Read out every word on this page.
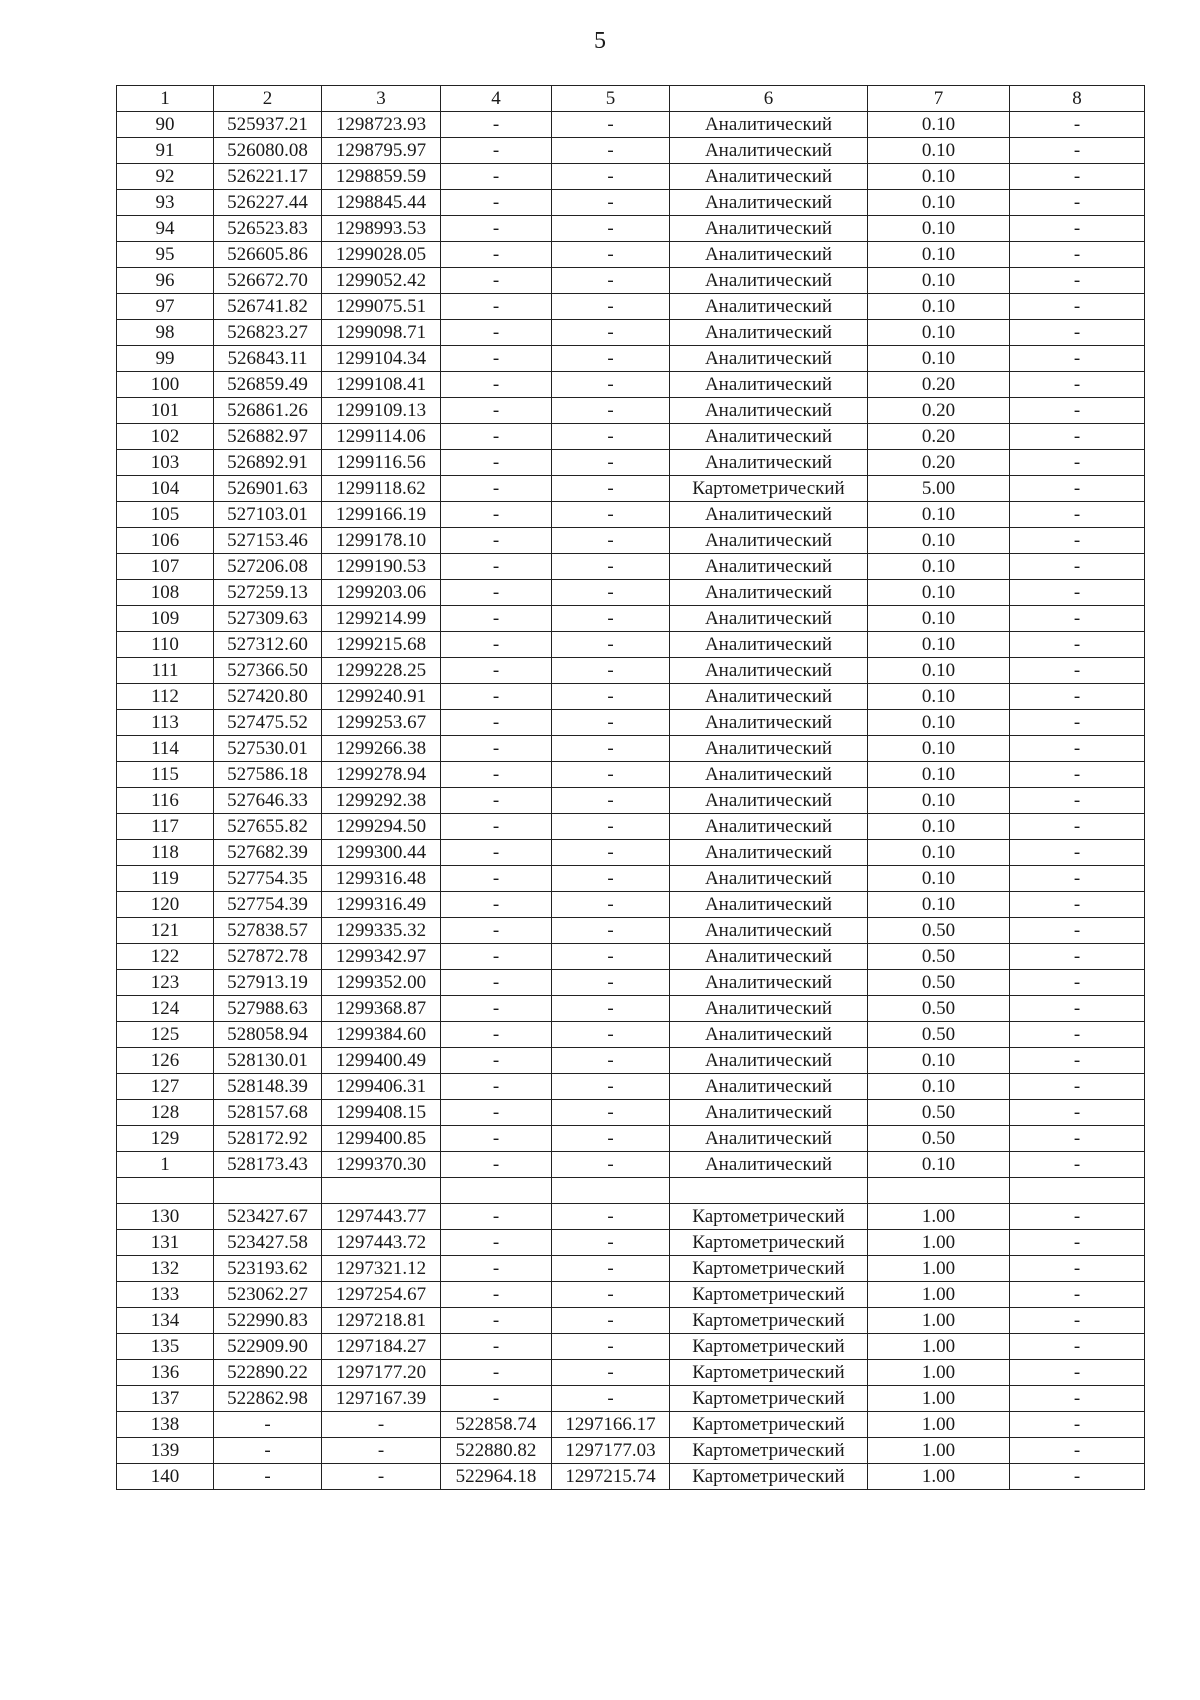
5
1	2	3	4	5	6	7	8
90	525937.21	1298723.93	-	-	Аналитический	0.10	-
91	526080.08	1298795.97	-	-	Аналитический	0.10	-
92	526221.17	1298859.59	-	-	Аналитический	0.10	-
93	526227.44	1298845.44	-	-	Аналитический	0.10	-
94	526523.83	1298993.53	-	-	Аналитический	0.10	-
95	526605.86	1299028.05	-	-	Аналитический	0.10	-
96	526672.70	1299052.42	-	-	Аналитический	0.10	-
97	526741.82	1299075.51	-	-	Аналитический	0.10	-
98	526823.27	1299098.71	-	-	Аналитический	0.10	-
99	526843.11	1299104.34	-	-	Аналитический	0.10	-
100	526859.49	1299108.41	-	-	Аналитический	0.20	-
101	526861.26	1299109.13	-	-	Аналитический	0.20	-
102	526882.97	1299114.06	-	-	Аналитический	0.20	-
103	526892.91	1299116.56	-	-	Аналитический	0.20	-
104	526901.63	1299118.62	-	-	Картометрический	5.00	-
105	527103.01	1299166.19	-	-	Аналитический	0.10	-
106	527153.46	1299178.10	-	-	Аналитический	0.10	-
107	527206.08	1299190.53	-	-	Аналитический	0.10	-
108	527259.13	1299203.06	-	-	Аналитический	0.10	-
109	527309.63	1299214.99	-	-	Аналитический	0.10	-
110	527312.60	1299215.68	-	-	Аналитический	0.10	-
111	527366.50	1299228.25	-	-	Аналитический	0.10	-
112	527420.80	1299240.91	-	-	Аналитический	0.10	-
113	527475.52	1299253.67	-	-	Аналитический	0.10	-
114	527530.01	1299266.38	-	-	Аналитический	0.10	-
115	527586.18	1299278.94	-	-	Аналитический	0.10	-
116	527646.33	1299292.38	-	-	Аналитический	0.10	-
117	527655.82	1299294.50	-	-	Аналитический	0.10	-
118	527682.39	1299300.44	-	-	Аналитический	0.10	-
119	527754.35	1299316.48	-	-	Аналитический	0.10	-
120	527754.39	1299316.49	-	-	Аналитический	0.10	-
121	527838.57	1299335.32	-	-	Аналитический	0.50	-
122	527872.78	1299342.97	-	-	Аналитический	0.50	-
123	527913.19	1299352.00	-	-	Аналитический	0.50	-
124	527988.63	1299368.87	-	-	Аналитический	0.50	-
125	528058.94	1299384.60	-	-	Аналитический	0.50	-
126	528130.01	1299400.49	-	-	Аналитический	0.10	-
127	528148.39	1299406.31	-	-	Аналитический	0.10	-
128	528157.68	1299408.15	-	-	Аналитический	0.50	-
129	528172.92	1299400.85	-	-	Аналитический	0.50	-
1	528173.43	1299370.30	-	-	Аналитический	0.10	-

130	523427.67	1297443.77	-	-	Картометрический	1.00	-
131	523427.58	1297443.72	-	-	Картометрический	1.00	-
132	523193.62	1297321.12	-	-	Картометрический	1.00	-
133	523062.27	1297254.67	-	-	Картометрический	1.00	-
134	522990.83	1297218.81	-	-	Картометрический	1.00	-
135	522909.90	1297184.27	-	-	Картометрический	1.00	-
136	522890.22	1297177.20	-	-	Картометрический	1.00	-
137	522862.98	1297167.39	-	-	Картометрический	1.00	-
138	-	-	522858.74	1297166.17	Картометрический	1.00	-
139	-	-	522880.82	1297177.03	Картометрический	1.00	-
140	-	-	522964.18	1297215.74	Картометрический	1.00	-
